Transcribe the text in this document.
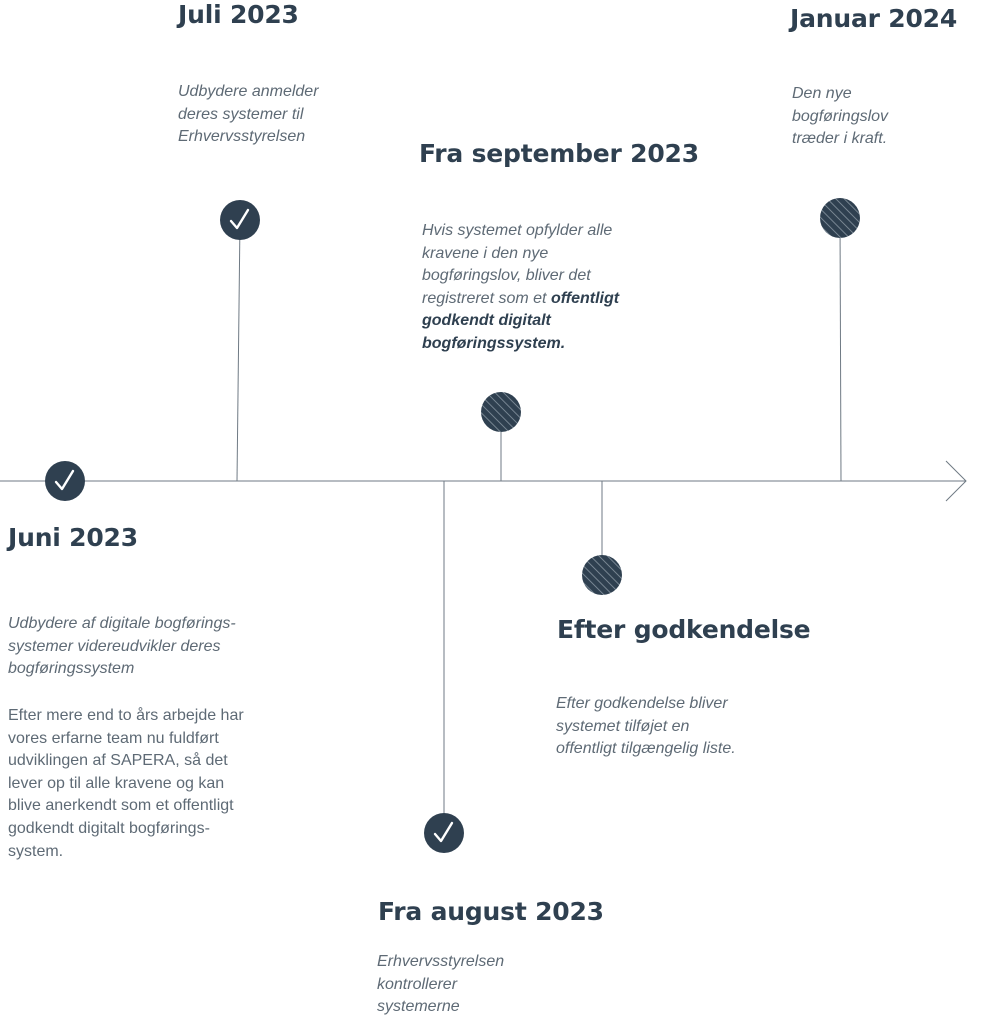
Juli 2023

Udbydere anmelder
deres systemer til
Erhvervsstyrelsen

Januar 2024

Den nye
bogføringslov
træder i kraft.

Fra september 2023

Hvis systemet opfylder alle
kravene i den nye
bogføringslov, bliver det
registreret som et offentligt
godkendt digitalt
bogføringssystem.

Juni 2023

Udbydere af digitale bogførings-
systemer videreudvikler deres
bogføringssystem

Efter mere end to års arbejde har
vores erfarne team nu fuldført
udviklingen af SAPERA, så det
lever op til alle kravene og kan
blive anerkendt som et offentligt
godkendt digitalt bogførings-
system.

Efter godkendelse

Efter godkendelse bliver
systemet tilføjet en
offentligt tilgængelig liste.

Fra august 2023

Erhvervsstyrelsen
kontrollerer
systemerne
